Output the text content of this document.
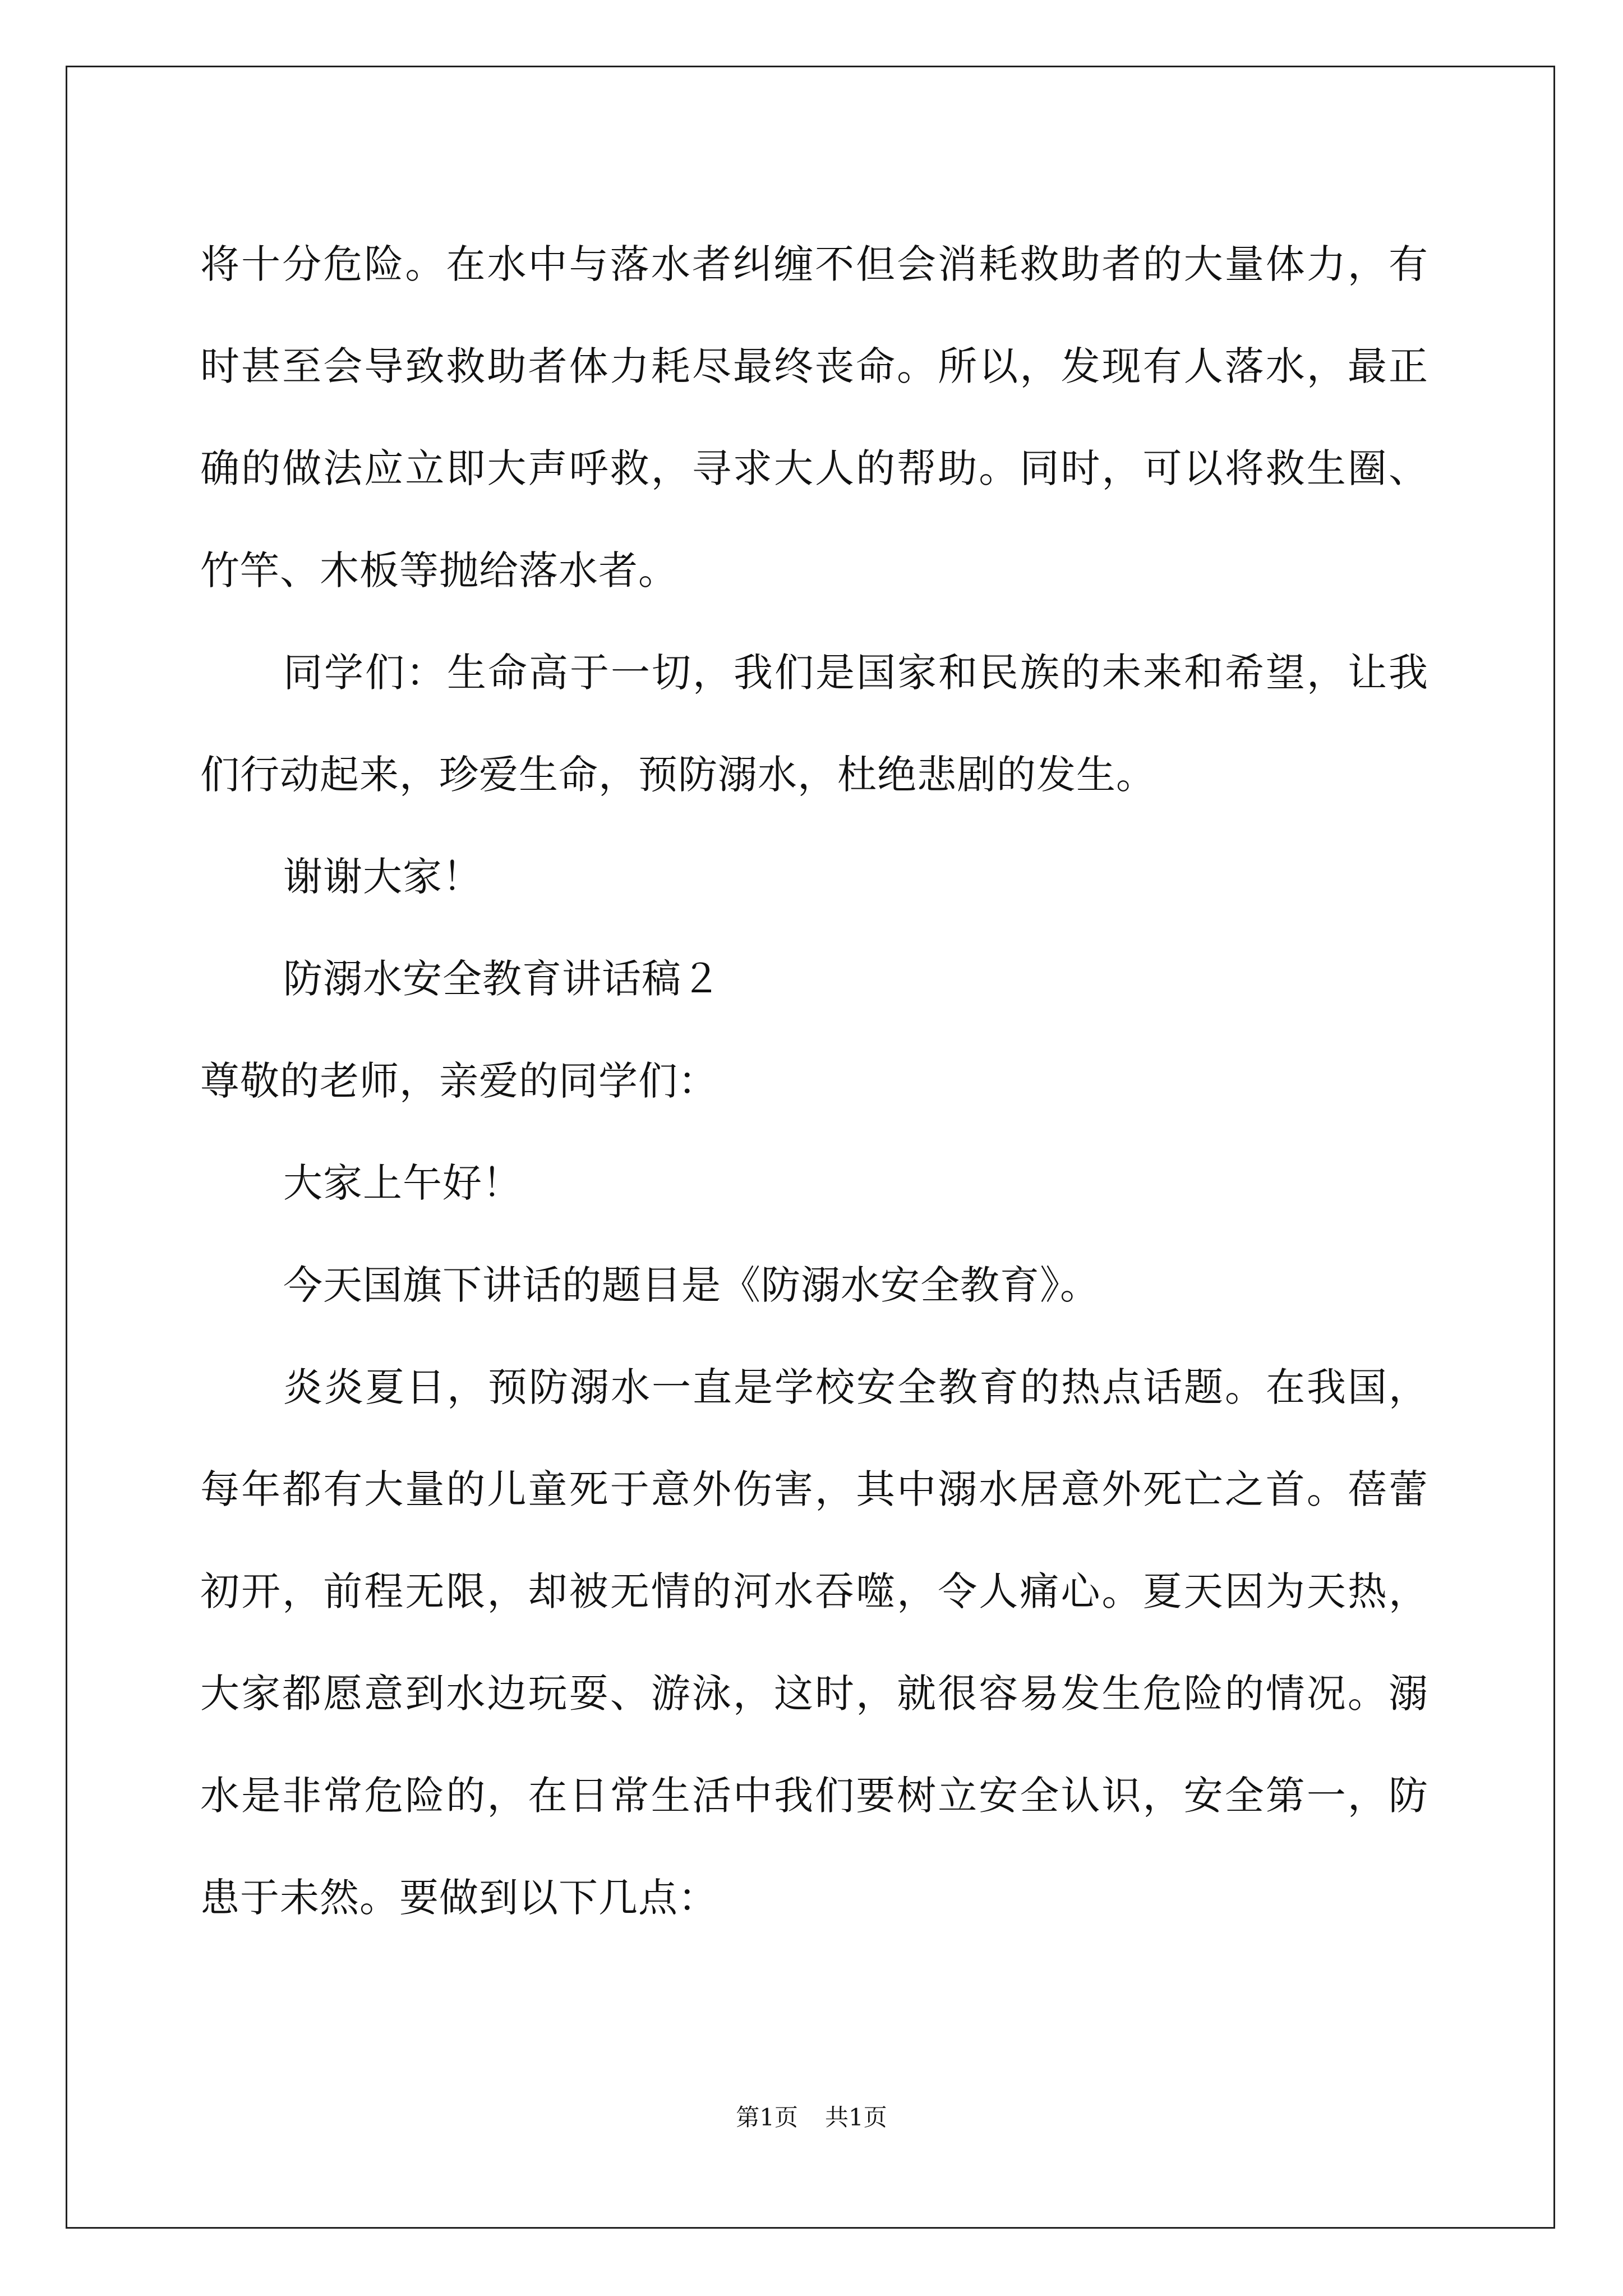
将十分危险。在水中与落水者纠缠不但会消耗救助者的大量体力，有时甚至会导致救助者体力耗尽最终丧命。所以，发现有人落水，最正确的做法应立即大声呼救，寻求大人的帮助。同时，可以将救生圈、竹竿、木板等抛给落水者。

同学们：生命高于一切，我们是国家和民族的未来和希望，让我们行动起来，珍爱生命，预防溺水，杜绝悲剧的发生。

谢谢大家！

防溺水安全教育讲话稿２

尊敬的老师，亲爱的同学们：

大家上午好！

今天国旗下讲话的题目是《防溺水安全教育》。

炎炎夏日，预防溺水一直是学校安全教育的热点话题。在我国，每年都有大量的儿童死于意外伤害，其中溺水居意外死亡之首。蓓蕾初开，前程无限，却被无情的河水吞噬，令人痛心。夏天因为天热，大家都愿意到水边玩耍、游泳，这时，就很容易发生危险的情况。溺水是非常危险的，在日常生活中我们要树立安全认识，安全第一，防患于未然。要做到以下几点：

第1页 共1页
